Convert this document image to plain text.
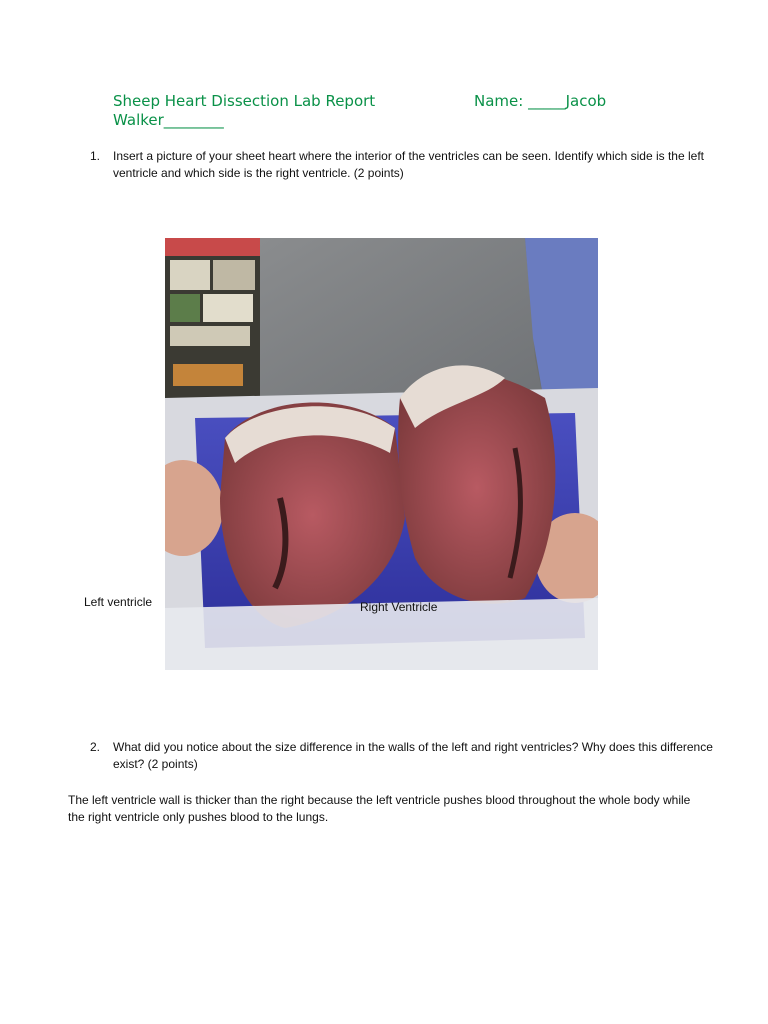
Sheep Heart Dissection Lab Report	Name: _____Jacob
Walker________
1. Insert a picture of your sheet heart where the interior of the ventricles can be seen. Identify which side is the left ventricle and which side is the right ventricle. (2 points)
Left ventricle	Right Ventricle
2. What did you notice about the size difference in the walls of the left and right ventricles? Why does this difference exist? (2 points)
The left ventricle wall is thicker than the right because the left ventricle pushes blood throughout the whole body while the right ventricle only pushes blood to the lungs.
